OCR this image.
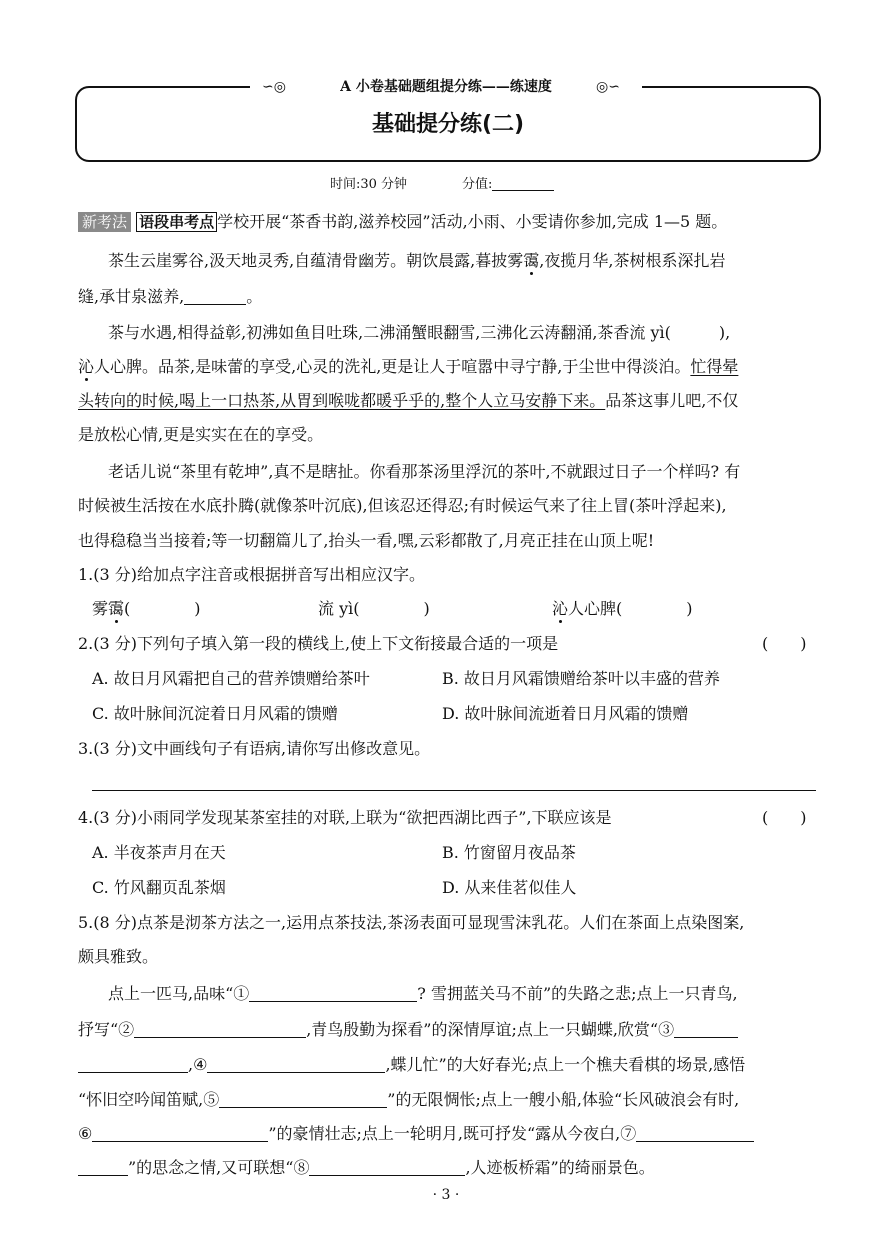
∽◎	◎∽
A 小卷基础题组提分练——练速度
基础提分练(二)
时间:30 分钟	分值:
新考法 语段串考点 学校开展“茶香书韵,滋养校园”活动,小雨、小雯请你参加,完成 1—5 题。
茶生云崖雾谷,汲天地灵秀,自蕴清骨幽芳。朝饮晨露,暮披雾霭,夜揽月华,茶树根系深扎岩
缝,承甘泉滋养,	。
茶与水遇,相得益彰,初沸如鱼目吐珠,二沸涌蟹眼翻雪,三沸化云涛翻涌,茶香流 yì(　　　),
沁人心脾。品茶,是味蕾的享受,心灵的洗礼,更是让人于喧嚣中寻宁静,于尘世中得淡泊。忙得晕
头转向的时候,喝上一口热茶,从胃到喉咙都暖乎乎的,整个人立马安静下来。品茶这事儿吧,不仅
是放松心情,更是实实在在的享受。
老话儿说“茶里有乾坤”,真不是瞎扯。你看那茶汤里浮沉的茶叶,不就跟过日子一个样吗? 有
时候被生活按在水底扑腾(就像茶叶沉底),但该忍还得忍;有时候运气来了往上冒(茶叶浮起来),
也得稳稳当当接着;等一切翻篇儿了,抬头一看,嘿,云彩都散了,月亮正挂在山顶上呢!
1.(3 分)给加点字注音或根据拼音写出相应汉字。
雾霭(　　　　)	流 yì(　　　　)	沁人心脾(　　　　)
2.(3 分)下列句子填入第一段的横线上,使上下文衔接最合适的一项是	(　　)
A. 故日月风霜把自己的营养馈赠给茶叶	B. 故日月风霜馈赠给茶叶以丰盛的营养
C. 故叶脉间沉淀着日月风霜的馈赠	D. 故叶脉间流逝着日月风霜的馈赠
3.(3 分)文中画线句子有语病,请你写出修改意见。
4.(3 分)小雨同学发现某茶室挂的对联,上联为“欲把西湖比西子”,下联应该是	(　　)
A. 半夜茶声月在天	B. 竹窗留月夜品茶
C. 竹风翻页乱茶烟	D. 从来佳茗似佳人
5.(8 分)点茶是沏茶方法之一,运用点茶技法,茶汤表面可显现雪沫乳花。人们在茶面上点染图案,
颇具雅致。
点上一匹马,品味“①	? 雪拥蓝关马不前”的失路之悲;点上一只青鸟,
抒写“②	,青鸟殷勤为探看”的深情厚谊;点上一只蝴蝶,欣赏“③
,④	,蝶儿忙”的大好春光;点上一个樵夫看棋的场景,感悟
“怀旧空吟闻笛赋,⑤	”的无限惆怅;点上一艘小船,体验“长风破浪会有时,
⑥	”的豪情壮志;点上一轮明月,既可抒发“露从今夜白,⑦
”的思念之情,又可联想“⑧	,人迹板桥霜”的绮丽景色。
· 3 ·
